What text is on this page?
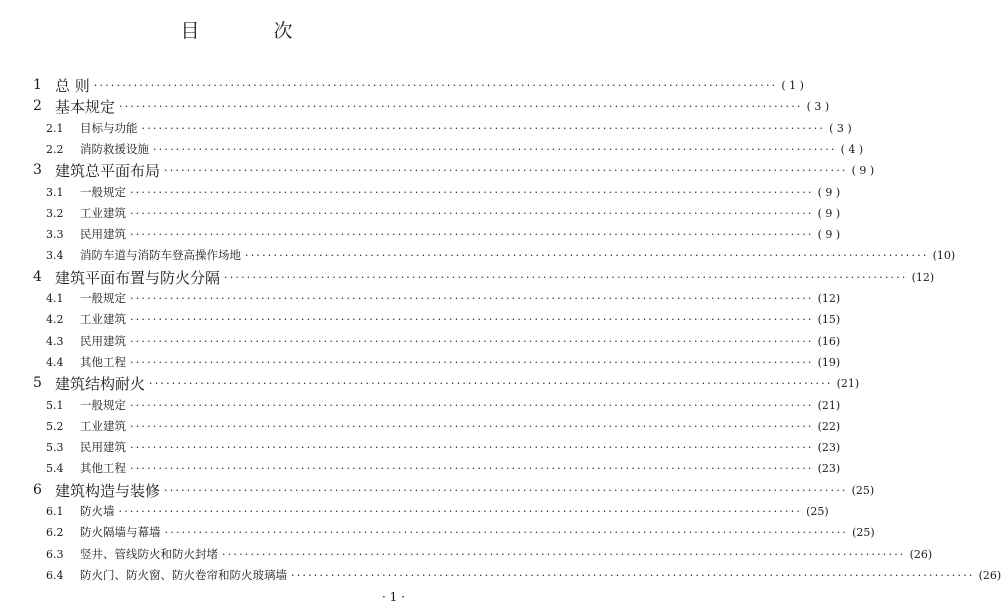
目 次
1 总 则 ························································································································ ( 1 )
2 基本规定 ························································································································ ( 3 )
2.1	目标与功能 ························································································································ ( 3 )
2.2	消防救援设施 ························································································································ ( 4 )
3 建筑总平面布局 ························································································································ ( 9 )
3.1	一般规定 ························································································································ ( 9 )
3.2	工业建筑 ························································································································ ( 9 )
3.3	民用建筑 ························································································································ ( 9 )
3.4	消防车道与消防车登高操作场地 ························································································································ (10)
4 建筑平面布置与防火分隔 ························································································································ (12)
4.1	一般规定 ························································································································ (12)
4.2	工业建筑 ························································································································ (15)
4.3	民用建筑 ························································································································ (16)
4.4	其他工程 ························································································································ (19)
5 建筑结构耐火 ························································································································ (21)
5.1	一般规定 ························································································································ (21)
5.2	工业建筑 ························································································································ (22)
5.3	民用建筑 ························································································································ (23)
5.4	其他工程 ························································································································ (23)
6 建筑构造与装修 ························································································································ (25)
6.1	防火墙 ························································································································ (25)
6.2	防火隔墙与幕墙 ························································································································ (25)
6.3	竖井、管线防火和防火封堵 ························································································································ (26)
6.4	防火门、防火窗、防火卷帘和防火玻璃墙 ························································································································ (26)
· 1 ·
